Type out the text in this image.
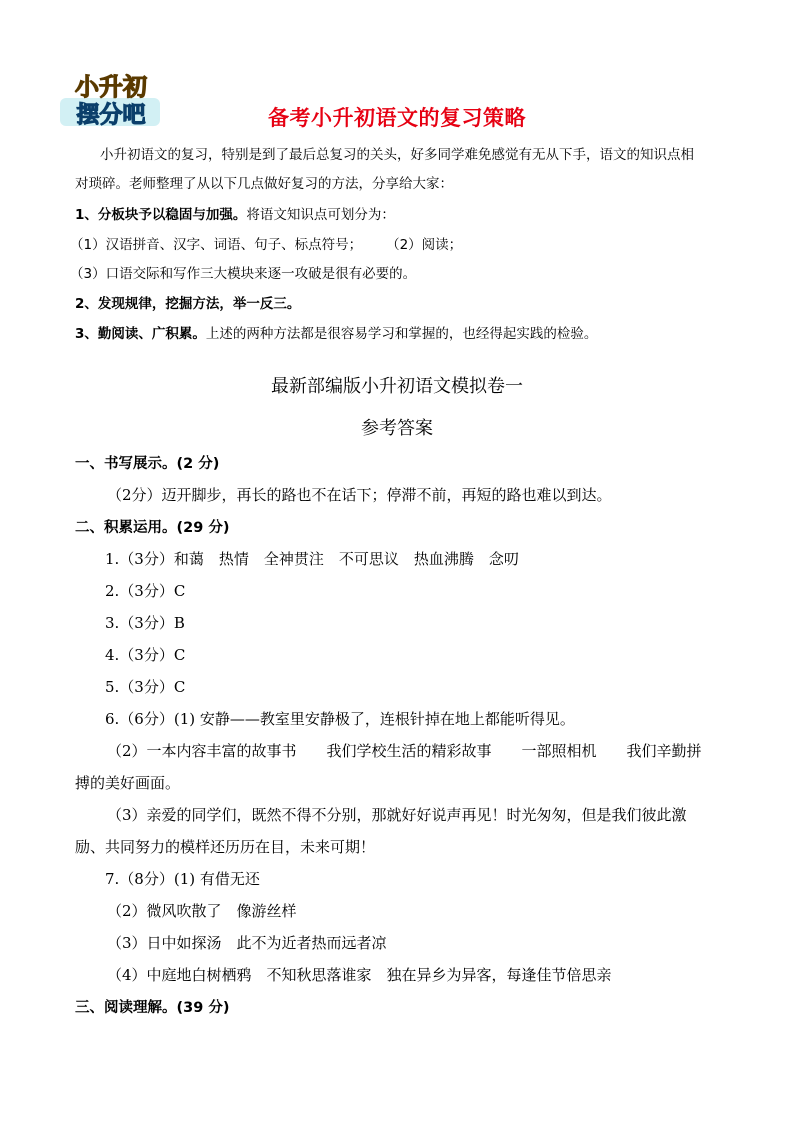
小升初
摆分吧	备考小升初语文的复习策略
小升初语文的复习，特别是到了最后总复习的关头，好多同学难免感觉有无从下手，语文的知识点相
对琐碎。老师整理了从以下几点做好复习的方法，分享给大家：
1、分板块予以稳固与加强。将语文知识点可划分为：
（1）汉语拼音、汉字、词语、句子、标点符号； （2）阅读；
（3）口语交际和写作三大模块来逐一攻破是很有必要的。
2、发现规律，挖掘方法，举一反三。
3、勤阅读、广积累。上述的两种方法都是很容易学习和掌握的，也经得起实践的检验。
最新部编版小升初语文模拟卷一
参考答案
一、书写展示。(2 分)
（2分）迈开脚步，再长的路也不在话下；停滞不前，再短的路也难以到达。
二、积累运用。(29 分)
1.（3分）和蔼　热情　全神贯注　不可思议　热血沸腾　念叨
2.（3分）C
3.（3分）B
4.（3分）C
5.（3分）C
6.（6分）(1) 安静——教室里安静极了，连根针掉在地上都能听得见。
（2）一本内容丰富的故事书　　我们学校生活的精彩故事　　一部照相机　　我们辛勤拼
搏的美好画面。
（3）亲爱的同学们，既然不得不分别，那就好好说声再见！时光匆匆，但是我们彼此激
励、共同努力的模样还历历在目，未来可期！
7.（8分）(1) 有借无还
（2）微风吹散了　像游丝样
（3）日中如探汤　此不为近者热而远者凉
（4）中庭地白树栖鸦　不知秋思落谁家　独在异乡为异客，每逢佳节倍思亲
三、阅读理解。(39 分)
